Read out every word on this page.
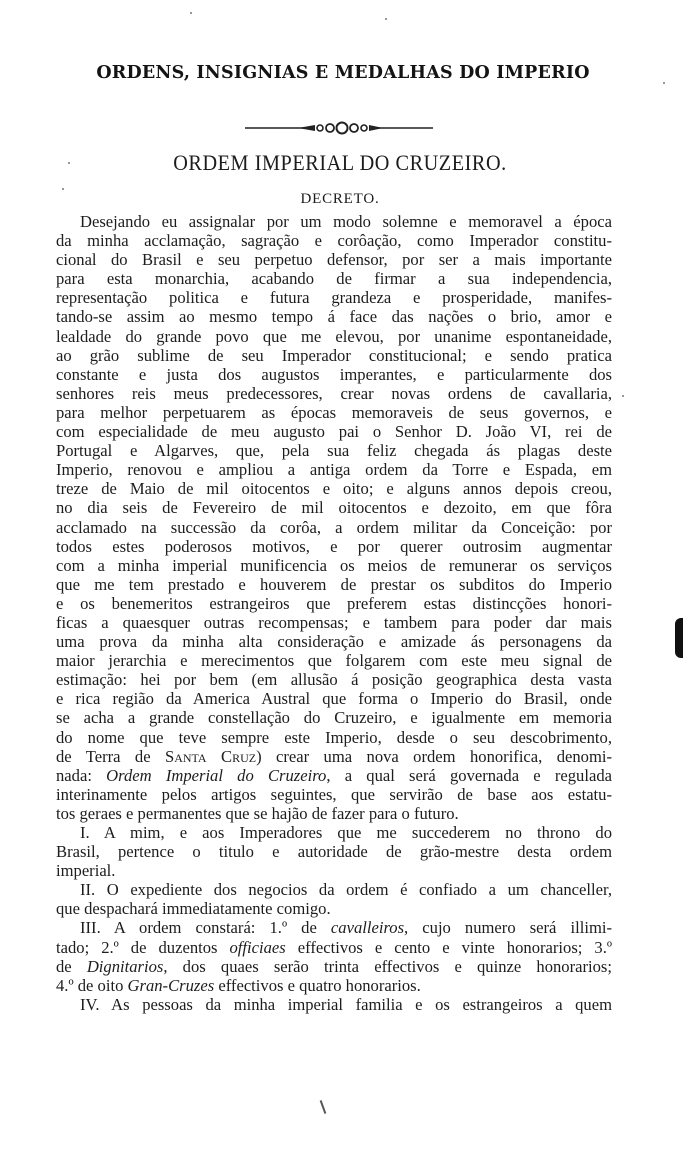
ORDENS, INSIGNIAS E MEDALHAS DO IMPERIO
ORDEM IMPERIAL DO CRUZEIRO.
DECRETO.

Desejando eu assignalar por um modo solemne e memoravel a época

da minha acclamação, sagração e corôação, como Imperador constitu-

cional do Brasil e seu perpetuo defensor, por ser a mais importante

para esta monarchia, acabando de firmar a sua independencia,

representação politica e futura grandeza e prosperidade, manifes-

tando-se assim ao mesmo tempo á face das nações o brio, amor e

lealdade do grande povo que me elevou, por unanime espontaneidade,

ao grão sublime de seu Imperador constitucional; e sendo pratica

constante e justa dos augustos imperantes, e particularmente dos

senhores reis meus predecessores, crear novas ordens de cavallaria,

para melhor perpetuarem as épocas memoraveis de seus governos, e

com especialidade de meu augusto pai o Senhor D. João VI, rei de

Portugal e Algarves, que, pela sua feliz chegada ás plagas deste

Imperio, renovou e ampliou a antiga ordem da Torre e Espada, em

treze de Maio de mil oitocentos e oito; e alguns annos depois creou,

no dia seis de Fevereiro de mil oitocentos e dezoito, em que fôra

acclamado na successão da corôa, a ordem militar da Conceição: por

todos estes poderosos motivos, e por querer outrosim augmentar

com a minha imperial munificencia os meios de remunerar os serviços

que me tem prestado e houverem de prestar os subditos do Imperio

e os benemeritos estrangeiros que preferem estas distincções honori-

ficas a quaesquer outras recompensas; e tambem para poder dar mais

uma prova da minha alta consideração e amizade ás personagens da

maior jerarchia e merecimentos que folgarem com este meu signal de

estimação: hei por bem (em allusão á posição geographica desta vasta

e rica região da America Austral que forma o Imperio do Brasil, onde

se acha a grande constellação do Cruzeiro, e igualmente em memoria

do nome que teve sempre este Imperio, desde o seu descobrimento,

de Terra de Santa Cruz) crear uma nova ordem honorifica, denomi-

nada: Ordem Imperial do Cruzeiro, a qual será governada e regulada

interinamente pelos artigos seguintes, que servirão de base aos estatu-

tos geraes e permanentes que se hajão de fazer para o futuro.

I. A mim, e aos Imperadores que me succederem no throno do

Brasil, pertence o titulo e autoridade de grão-mestre desta ordem

imperial.

II. O expediente dos negocios da ordem é confiado a um chanceller,

que despachará immediatamente comigo.

III. A ordem constará: 1.º de cavalleiros, cujo numero será illimi-

tado; 2.º de duzentos officiaes effectivos e cento e vinte honorarios; 3.º

de Dignitarios, dos quaes serão trinta effectivos e quinze honorarios;

4.º de oito Gran-Cruzes effectivos e quatro honorarios.

IV. As pessoas da minha imperial familia e os estrangeiros a quem
